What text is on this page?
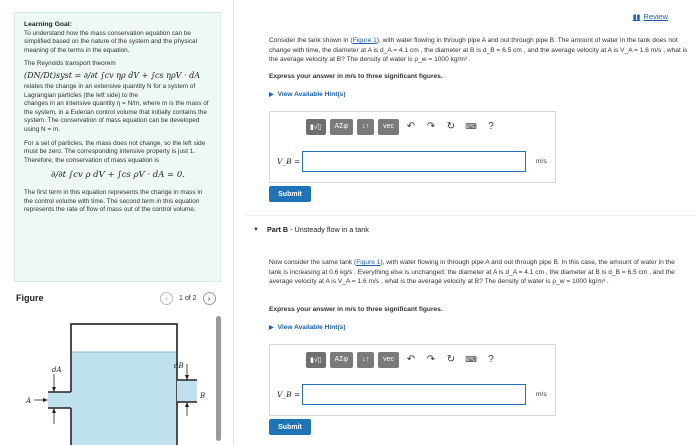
Learning Goal:

To understand how the mass conservation equation can be simplified based on the nature of the system and the physical meaning of the terms in the equation.

The Reynolds transport theorem
(DN/Dt)syst = ∂/∂t ∫cv ηρ dV + ∫cs ηρV · dA
relates the change in an extensive quantity N for a system of Lagrangian particles (the left side) to the

changes in an intensive quantity η = N/m, where m is the mass of the system, in a Eulerian control volume that initially contains the system. The conservation of mass equation can be developed using N = m.

For a set of particles, the mass does not change, so the left side must be zero. The corresponding intensive property is just 1. Therefore, the conservation of mass equation is

∂/∂t ∫cv ρ dV + ∫cs ρV · dA = 0.

The first term in this equation represents the change in mass in the control volume with time. The second term in this equation represents the rate of flow of mass out of the control volume.

Figure	‹	1 of 2	›
dA
A
dB
B
▮▮ Review
Consider the tank shown in (Figure 1), with water flowing in through pipe A and out through pipe B. The amount of water in the tank does not change with time, the diameter at A is d_A = 4.1 cm , the diameter at B is d_B = 6.5 cm , and the average velocity at A is V_A = 1.6 m/s , what is the average velocity at B? The density of water is ρ_w = 1000 kg/m³ .
Express your answer in m/s to three significant figures.
▶ View Available Hint(s)
▮√▯	ΑΣφ	↓↑	vec	↶	↷	↻	⌨	?
V_B =	m/s
Submit
▼ Part B - Unsteady flow in a tank
Now consider the same tank (Figure 1), with water flowing in through pipe A and out through pipe B. In this case, the amount of water in the tank is increasing at 0.6 kg/s . Everything else is unchanged: the diameter at A is d_A = 4.1 cm , the diameter at B is d_B = 6.5 cm , and the average velocity at A is V_A = 1.6 m/s , what is the average velocity at B? The density of water is ρ_w = 1000 kg/m³ .
Express your answer in m/s to three significant figures.
▶ View Available Hint(s)
▮√▯	ΑΣφ	↓↑	vec	↶	↷	↻	⌨	?
V_B =	m/s
Submit
